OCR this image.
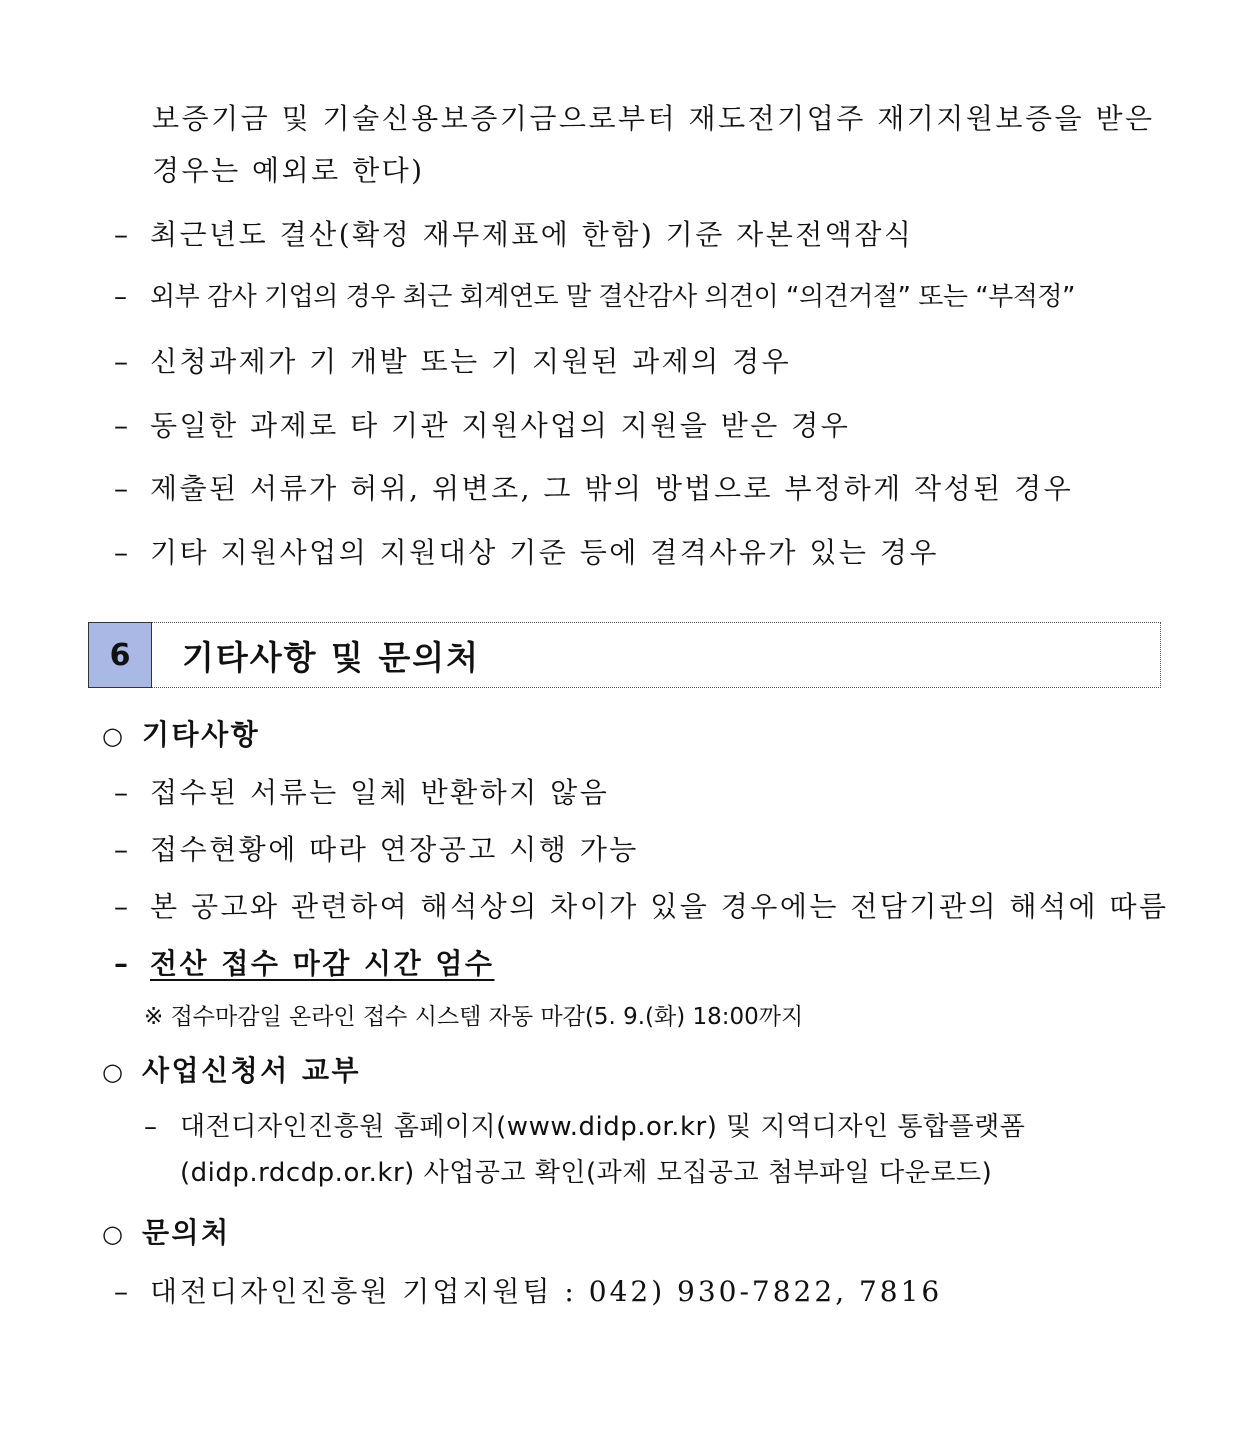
보증기금 및 기술신용보증기금으로부터 재도전기업주 재기지원보증을 받은
경우는 예외로 한다)
– 최근년도 결산(확정 재무제표에 한함) 기준 자본전액잠식
– 외부 감사 기업의 경우 최근 회계연도 말 결산감사 의견이 “의견거절” 또는 “부적정”
– 신청과제가 기 개발 또는 기 지원된 과제의 경우
– 동일한 과제로 타 기관 지원사업의 지원을 받은 경우
– 제출된 서류가 허위, 위변조, 그 밖의 방법으로 부정하게 작성된 경우
– 기타 지원사업의 지원대상 기준 등에 결격사유가 있는 경우
6	기타사항 및 문의처
○ 기타사항
– 접수된 서류는 일체 반환하지 않음
– 접수현황에 따라 연장공고 시행 가능
– 본 공고와 관련하여 해석상의 차이가 있을 경우에는 전담기관의 해석에 따름
– 전산 접수 마감 시간 엄수
※ 접수마감일 온라인 접수 시스템 자동 마감(5. 9.(화) 18:00까지
○ 사업신청서 교부
– 대전디자인진흥원 홈페이지(www.didp.or.kr) 및 지역디자인 통합플랫폼
(didp.rdcdp.or.kr) 사업공고 확인(과제 모집공고 첨부파일 다운로드)
○ 문의처
– 대전디자인진흥원 기업지원팀 : 042) 930-7822, 7816
